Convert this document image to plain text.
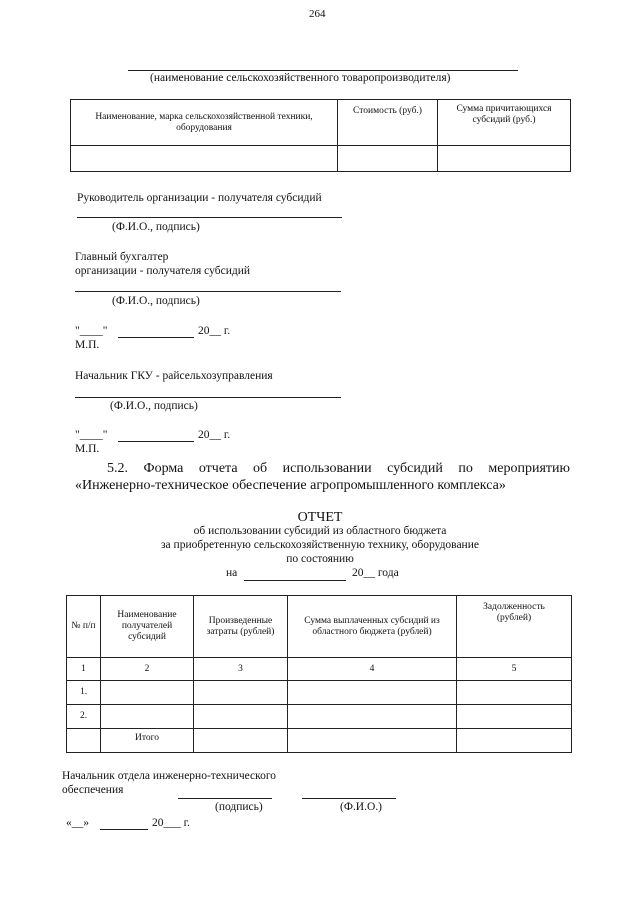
264
(наименование сельскохозяйственного товаропроизводителя)
Наименование, марка сельскохозяйственной техники, оборудования	Стоимость (руб.)	Сумма причитающихся субсидий (руб.)

Руководитель организации - получателя субсидий
(Ф.И.О., подпись)
Главный бухгалтер
организации - получателя субсидий
(Ф.И.О., подпись)
"____"	20__ г.
М.П.
Начальник ГКУ - райсельхозуправления
(Ф.И.О., подпись)
"____"	20__ г.
М.П.
5.2. Форма отчета об использовании субсидий по мероприятию
«Инженерно-техническое обеспечение агропромышленного комплекса»
ОТЧЕТ
об использовании субсидий из областного бюджета
за приобретенную сельскохозяйственную технику, оборудование
по состоянию
на	20__ года
№ п/п	Наименование получателей субсидий	Произведенные затраты (рублей)	Сумма выплаченных субсидий из областного бюджета (рублей)	Задолженность (рублей)
1	2	3	4	5
1.				
2.				
	Итого			
Начальник отдела инженерно-технического
обеспечения
(подпись)	(Ф.И.О.)
«__»	20___ г.
